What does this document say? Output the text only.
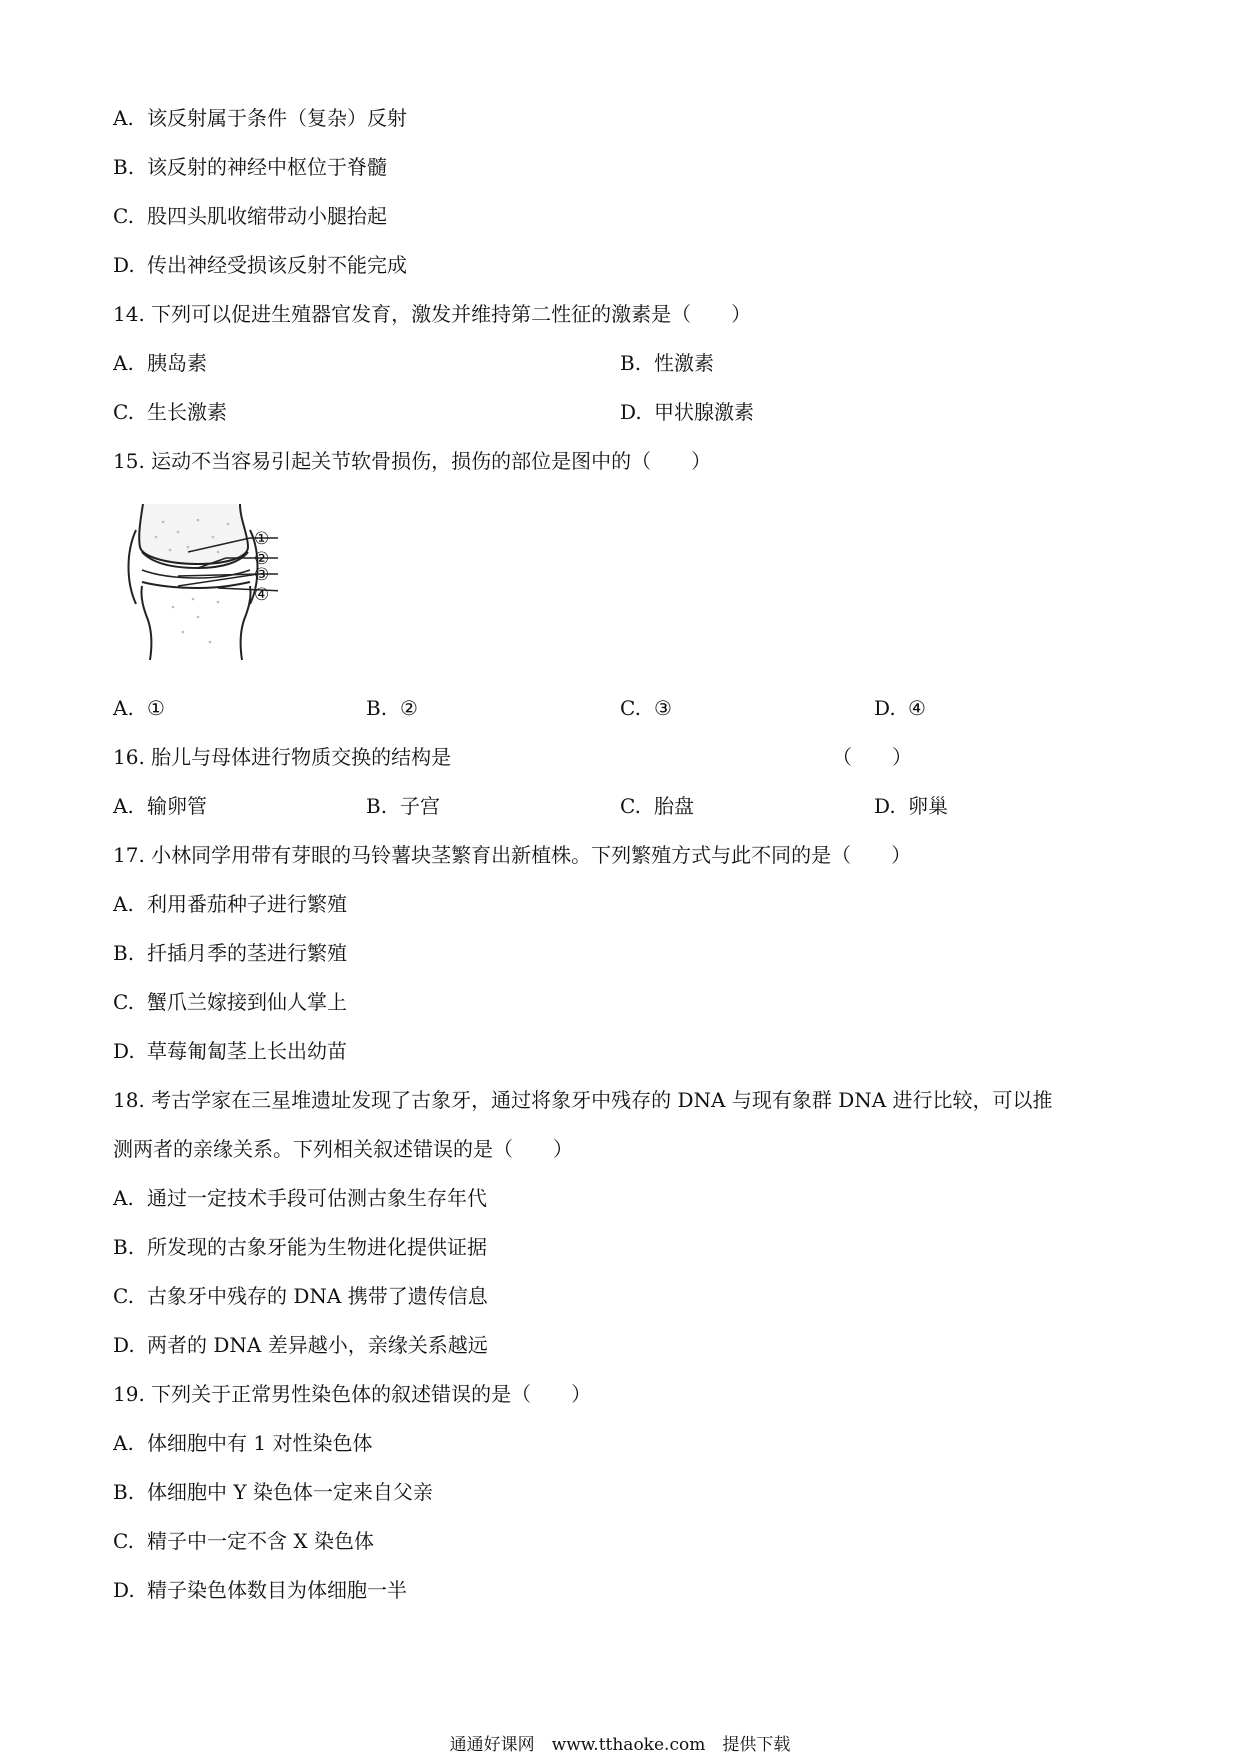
A. 该反射属于条件（复杂）反射
B. 该反射的神经中枢位于脊髓
C. 股四头肌收缩带动小腿抬起
D. 传出神经受损该反射不能完成
14. 下列可以促进生殖器官发育，激发并维持第二性征的激素是（　　）
A. 胰岛素	B. 性激素
C. 生长激素	D. 甲状腺激素
15. 运动不当容易引起关节软骨损伤，损伤的部位是图中的（　　）
①
②
③
④
A. ①	B. ②	C. ③	D. ④
16. 胎儿与母体进行物质交换的结构是	（　　）
A. 输卵管	B. 子宫	C. 胎盘	D. 卵巢
17. 小林同学用带有芽眼的马铃薯块茎繁育出新植株。下列繁殖方式与此不同的是（　　）
A. 利用番茄种子进行繁殖
B. 扦插月季的茎进行繁殖
C. 蟹爪兰嫁接到仙人掌上
D. 草莓匍匐茎上长出幼苗
18. 考古学家在三星堆遗址发现了古象牙，通过将象牙中残存的 DNA 与现有象群 DNA 进行比较，可以推
测两者的亲缘关系。下列相关叙述错误的是（　　）
A. 通过一定技术手段可估测古象生存年代
B. 所发现的古象牙能为生物进化提供证据
C. 古象牙中残存的 DNA 携带了遗传信息
D. 两者的 DNA 差异越小，亲缘关系越远
19. 下列关于正常男性染色体的叙述错误的是（　　）
A. 体细胞中有 1 对性染色体
B. 体细胞中 Y 染色体一定来自父亲
C. 精子中一定不含 X 染色体
D. 精子染色体数目为体细胞一半
通通好课网　www.tthaoke.com　提供下载
